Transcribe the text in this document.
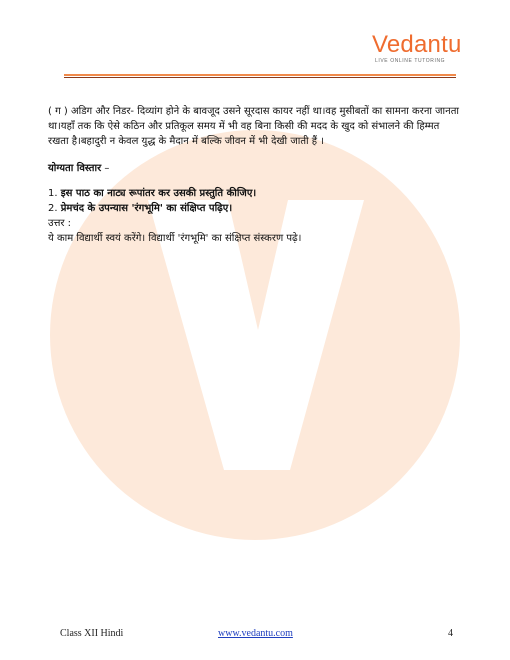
Vedantu
LIVE ONLINE TUTORING

( ग ) अडिग और निडर- दिव्यांग होने के बावजूद उसने सूरदास कायर नहीं था।वह मुसीबतों का सामना करना जानता था।यहाँ तक कि ऐसे कठिन और प्रतिकूल समय में भी वह बिना किसी की मदद के खुद को संभालने की हिम्मत रखता है।बहादुरी न केवल युद्ध के मैदान में बल्कि जीवन में भी देखी जाती हैं ।

योग्यता विस्तार –
1. इस पाठ का नाट्य रूपांतर कर उसकी प्रस्तुति कीजिए।
2. प्रेमचंद के उपन्यास 'रंगभूमि' का संक्षिप्त पढ़िए।
उत्तर :
ये काम विद्यार्थी स्वयं करेंगे। विद्यार्थी 'रंगभूमि' का संक्षिप्त संस्करण पढ़े।
Class XII Hindi	www.vedantu.com	4
